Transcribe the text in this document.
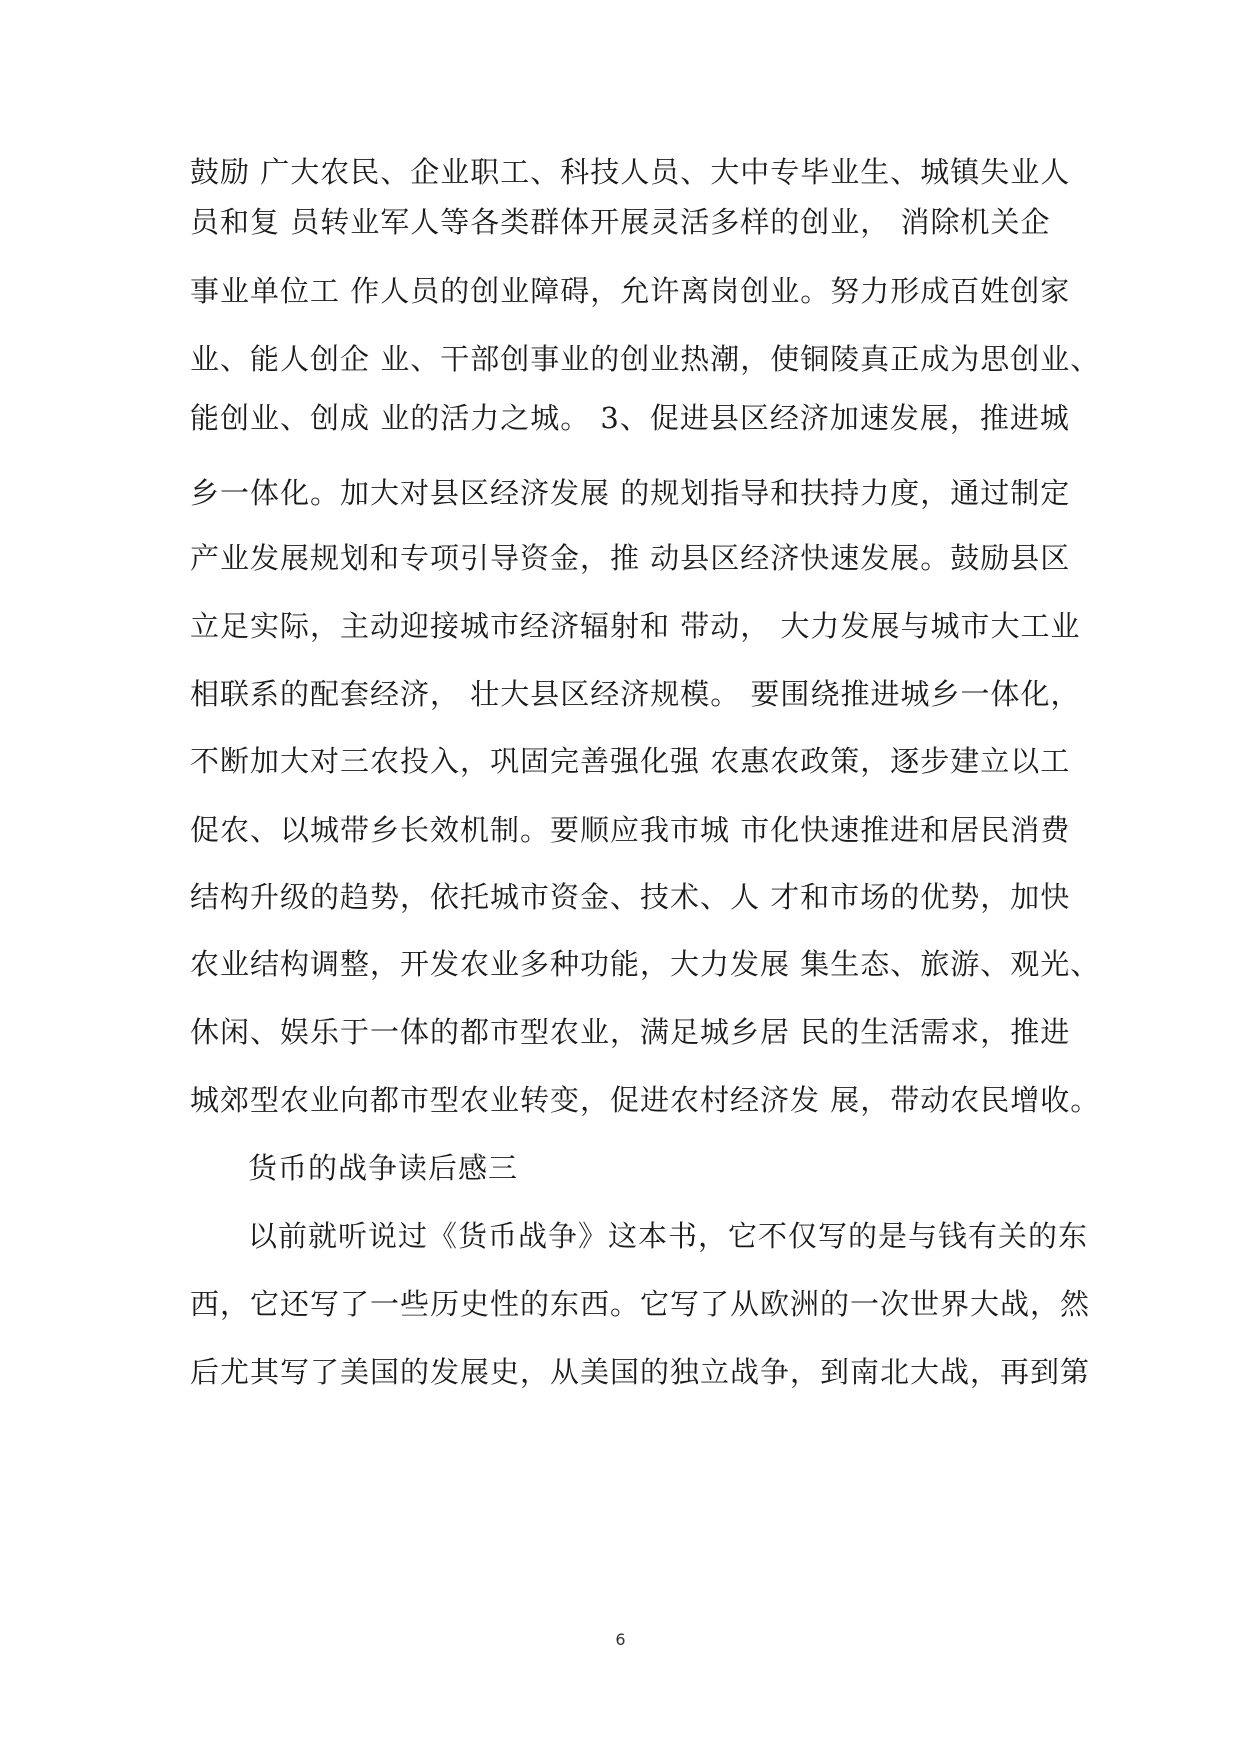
鼓励 广大农民、企业职工、科技人员、大中专毕业生、城镇失业人
员和复 员转业军人等各类群体开展灵活多样的创业， 消除机关企
事业单位工 作人员的创业障碍，允许离岗创业。努力形成百姓创家
业、能人创企 业、干部创事业的创业热潮，使铜陵真正成为思创业、
能创业、创成 业的活力之城。 3、促进县区经济加速发展，推进城
乡一体化。加大对县区经济发展 的规划指导和扶持力度，通过制定
产业发展规划和专项引导资金，推 动县区经济快速发展。鼓励县区
立足实际，主动迎接城市经济辐射和 带动， 大力发展与城市大工业
相联系的配套经济， 壮大县区经济规模。 要围绕推进城乡一体化，
不断加大对三农投入，巩固完善强化强 农惠农政策，逐步建立以工
促农、以城带乡长效机制。要顺应我市城 市化快速推进和居民消费
结构升级的趋势，依托城市资金、技术、人 才和市场的优势，加快
农业结构调整，开发农业多种功能，大力发展 集生态、旅游、观光、
休闲、娱乐于一体的都市型农业，满足城乡居 民的生活需求，推进
城郊型农业向都市型农业转变，促进农村经济发 展，带动农民增收。
货币的战争读后感三
以前就听说过《货币战争》这本书，它不仅写的是与钱有关的东
西，它还写了一些历史性的东西。它写了从欧洲的一次世界大战，然
后尤其写了美国的发展史，从美国的独立战争，到南北大战，再到第
6
